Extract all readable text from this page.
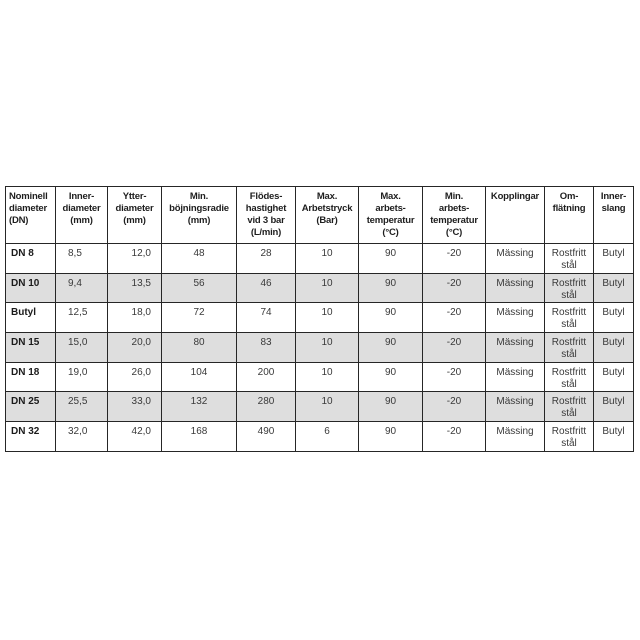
Nominell
diameter
(DN)	Inner-
diameter
(mm)	Ytter-
diameter
(mm)	Min.
böjningsradie
(mm)	Flödes-
hastighet
vid 3 bar
(L/min)	Max.
Arbetstryck
(Bar)	Max.
arbets-
temperatur
(°C)	Min.
arbets-
temperatur
(°C)	Kopplingar	Om-
flätning	Inner-
slang
DN 8	8,5	12,0	48	28	10	90	-20	Mässing	Rostfritt stål	Butyl
DN 10	9,4	13,5	56	46	10	90	-20	Mässing	Rostfritt stål	Butyl
Butyl	12,5	18,0	72	74	10	90	-20	Mässing	Rostfritt stål	Butyl
DN 15	15,0	20,0	80	83	10	90	-20	Mässing	Rostfritt stål	Butyl
DN 18	19,0	26,0	104	200	10	90	-20	Mässing	Rostfritt stål	Butyl
DN 25	25,5	33,0	132	280	10	90	-20	Mässing	Rostfritt stål	Butyl
DN 32	32,0	42,0	168	490	6	90	-20	Mässing	Rostfritt stål	Butyl
